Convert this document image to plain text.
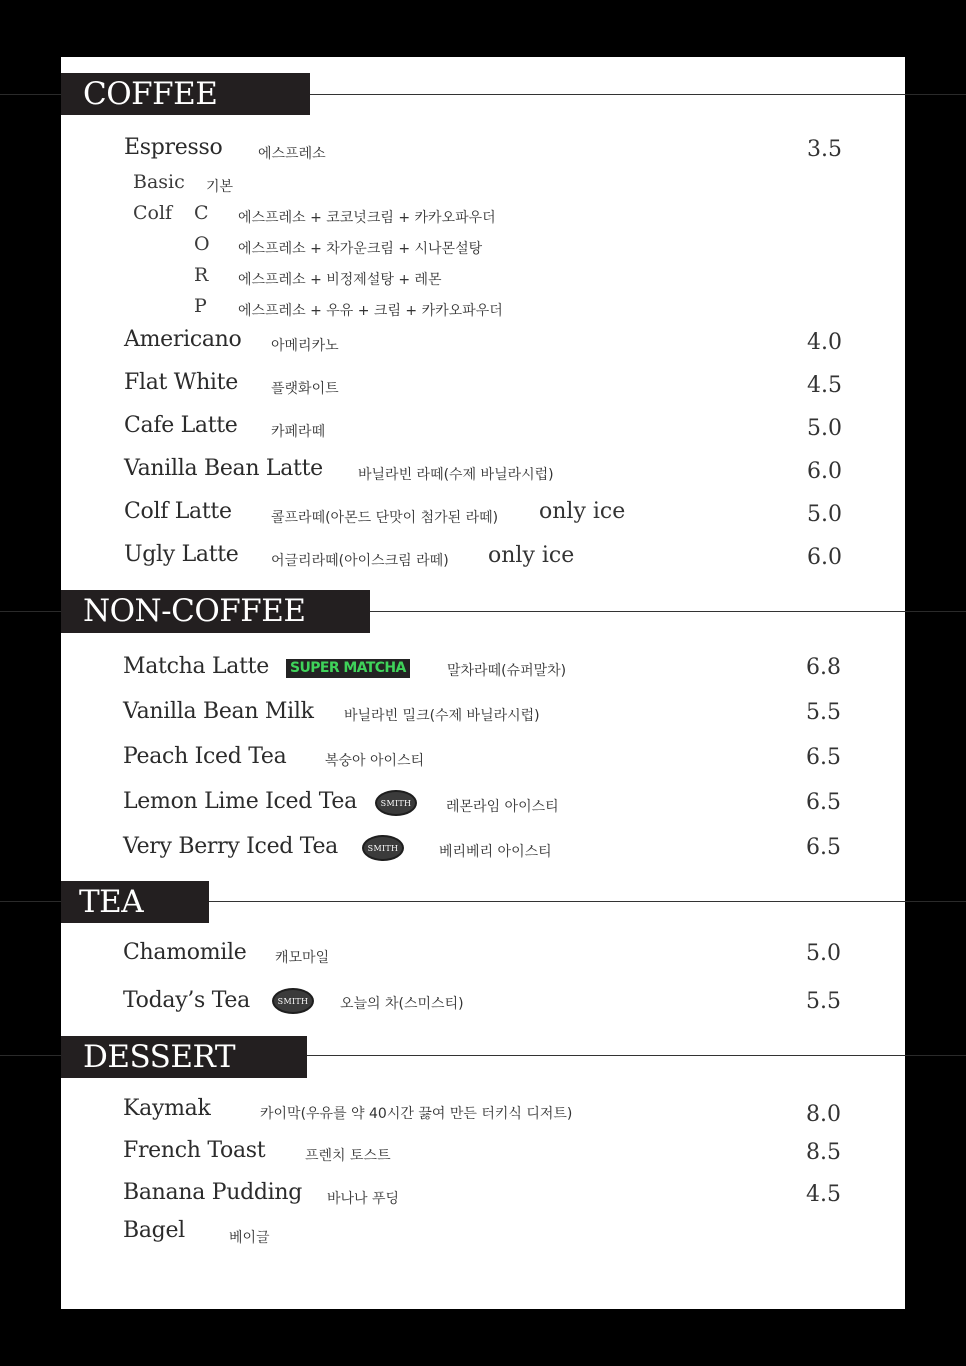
COFFEE
Espresso	에스프레소	3.5
Basic 기본
Colf C 에스프레소 + 코코넛크림 + 카카오파우더
O 에스프레소 + 차가운크림 + 시나몬설탕
R 에스프레소 + 비정제설탕 + 레몬
P 에스프레소 + 우유 + 크림 + 카카오파우더
Americano 아메리카노	4.0
Flat White 플랫화이트	4.5
Cafe Latte 카페라떼	5.0
Vanilla Bean Latte	바닐라빈 라떼(수제 바닐라시럽)	6.0
Colf Latte	콜프라떼(아몬드 단맛이 첨가된 라떼) only ice	5.0
Ugly Latte 어글리라떼(아이스크림 라떼) only ice	6.0
NON-COFFEE
Matcha Latte SUPER MATCHA	말차라떼(슈퍼말차)	6.8
Vanilla Bean Milk 바닐라빈 밀크(수제 바닐라시럽)	5.5
Peach Iced Tea	복숭아 아이스티	6.5
Lemon Lime Iced Tea	SMITH 레몬라임 아이스티	6.5
Very Berry Iced Tea	SMITH	베리베리 아이스티	6.5
TEA
Chamomile 캐모마일	5.0
Today’s Tea	SMITH 오늘의 차(스미스티)	5.5
DESSERT
Kaymak	카이막(우유를 약 40시간 끓여 만든 터키식 디저트)	8.0
French Toast	프렌치 토스트	8.5
Banana Pudding 바나나 푸딩	4.5
Bagel	베이글
